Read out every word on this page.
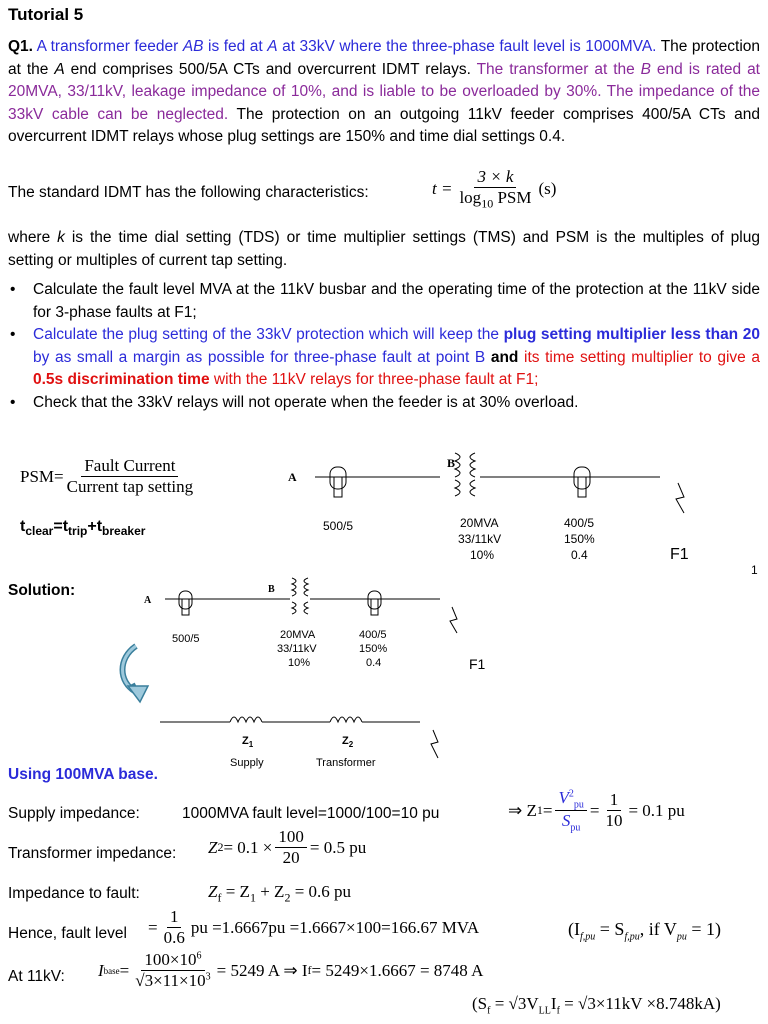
Tutorial 5
Q1. A transformer feeder AB is fed at A at 33kV where the three-phase fault level is 1000MVA. The protection at the A end comprises 500/5A CTs and overcurrent IDMT relays. The transformer at the B end is rated at 20MVA, 33/11kV, leakage impedance of 10%, and is liable to be overloaded by 30%. The impedance of the 33kV cable can be neglected. The protection on an outgoing 11kV feeder comprises 400/5A CTs and overcurrent IDMT relays whose plug settings are 150% and time dial settings 0.4.
The standard IDMT has the following characteristics:	$t = \frac{3 \times k}{\log_{10} PSM} (s)$
where k is the time dial setting (TDS) or time multiplier settings (TMS) and PSM is the multiples of plug setting or multiples of current tap setting.
• Calculate the fault level MVA at the 11kV busbar and the operating time of the protection at the 11kV side for 3-phase faults at F1;
• Calculate the plug setting of the 33kV protection which will keep the plug setting multiplier less than 20 by as small a margin as possible for three-phase fault at point B and its time setting multiplier to give a 0.5s discrimination time with the 11kV relays for three-phase fault at F1;
• Check that the 33kV relays will not operate when the feeder is at 30% overload.
$PSM= \frac{\text{Fault Current}}{\text{Current tap setting}}$
$t_{clear}=t_{trip}+t_{breaker}$
A
B
500/5	20MVA
33/11kV
10%
400/5
150%
0.4	F1
1
Solution:
A
B
500/5	20MVA
33/11kV
10%
400/5
150%
0.4	F1
$Z_1$	$Z_2$
Supply	Transformer
Using 100MVA base.
Supply impedance:	1000MVA fault level=1000/100=10 pu	⇒ Z $1 = \frac{V^2_{pu}}{S_{pu}} = \frac{1}{10} = 0.1$ pu
Transformer impedance: Z $2 = 0.1 \times \frac{100}{20} = 0.5$ pu
Impedance to fault:	$Z_f = Z_1 + Z_2 = 0.6$ pu
Hence, fault level = $\frac{1}{0.6}$ pu =1.6667pu =1.6667×100=166.67 MVA	($I_{f,pu} = S_{f,pu}$, if $V_{pu} = 1$)
At 11kV: I base = $\frac{100\times 10^6}{√3\times 11\times 10^3} = 5249$ A ⇒ I f = 5249×1.6667 = 8748 A
$(S_f = √3V_{LL}I_f = √3\times 11kV \times 8.748kA)$
